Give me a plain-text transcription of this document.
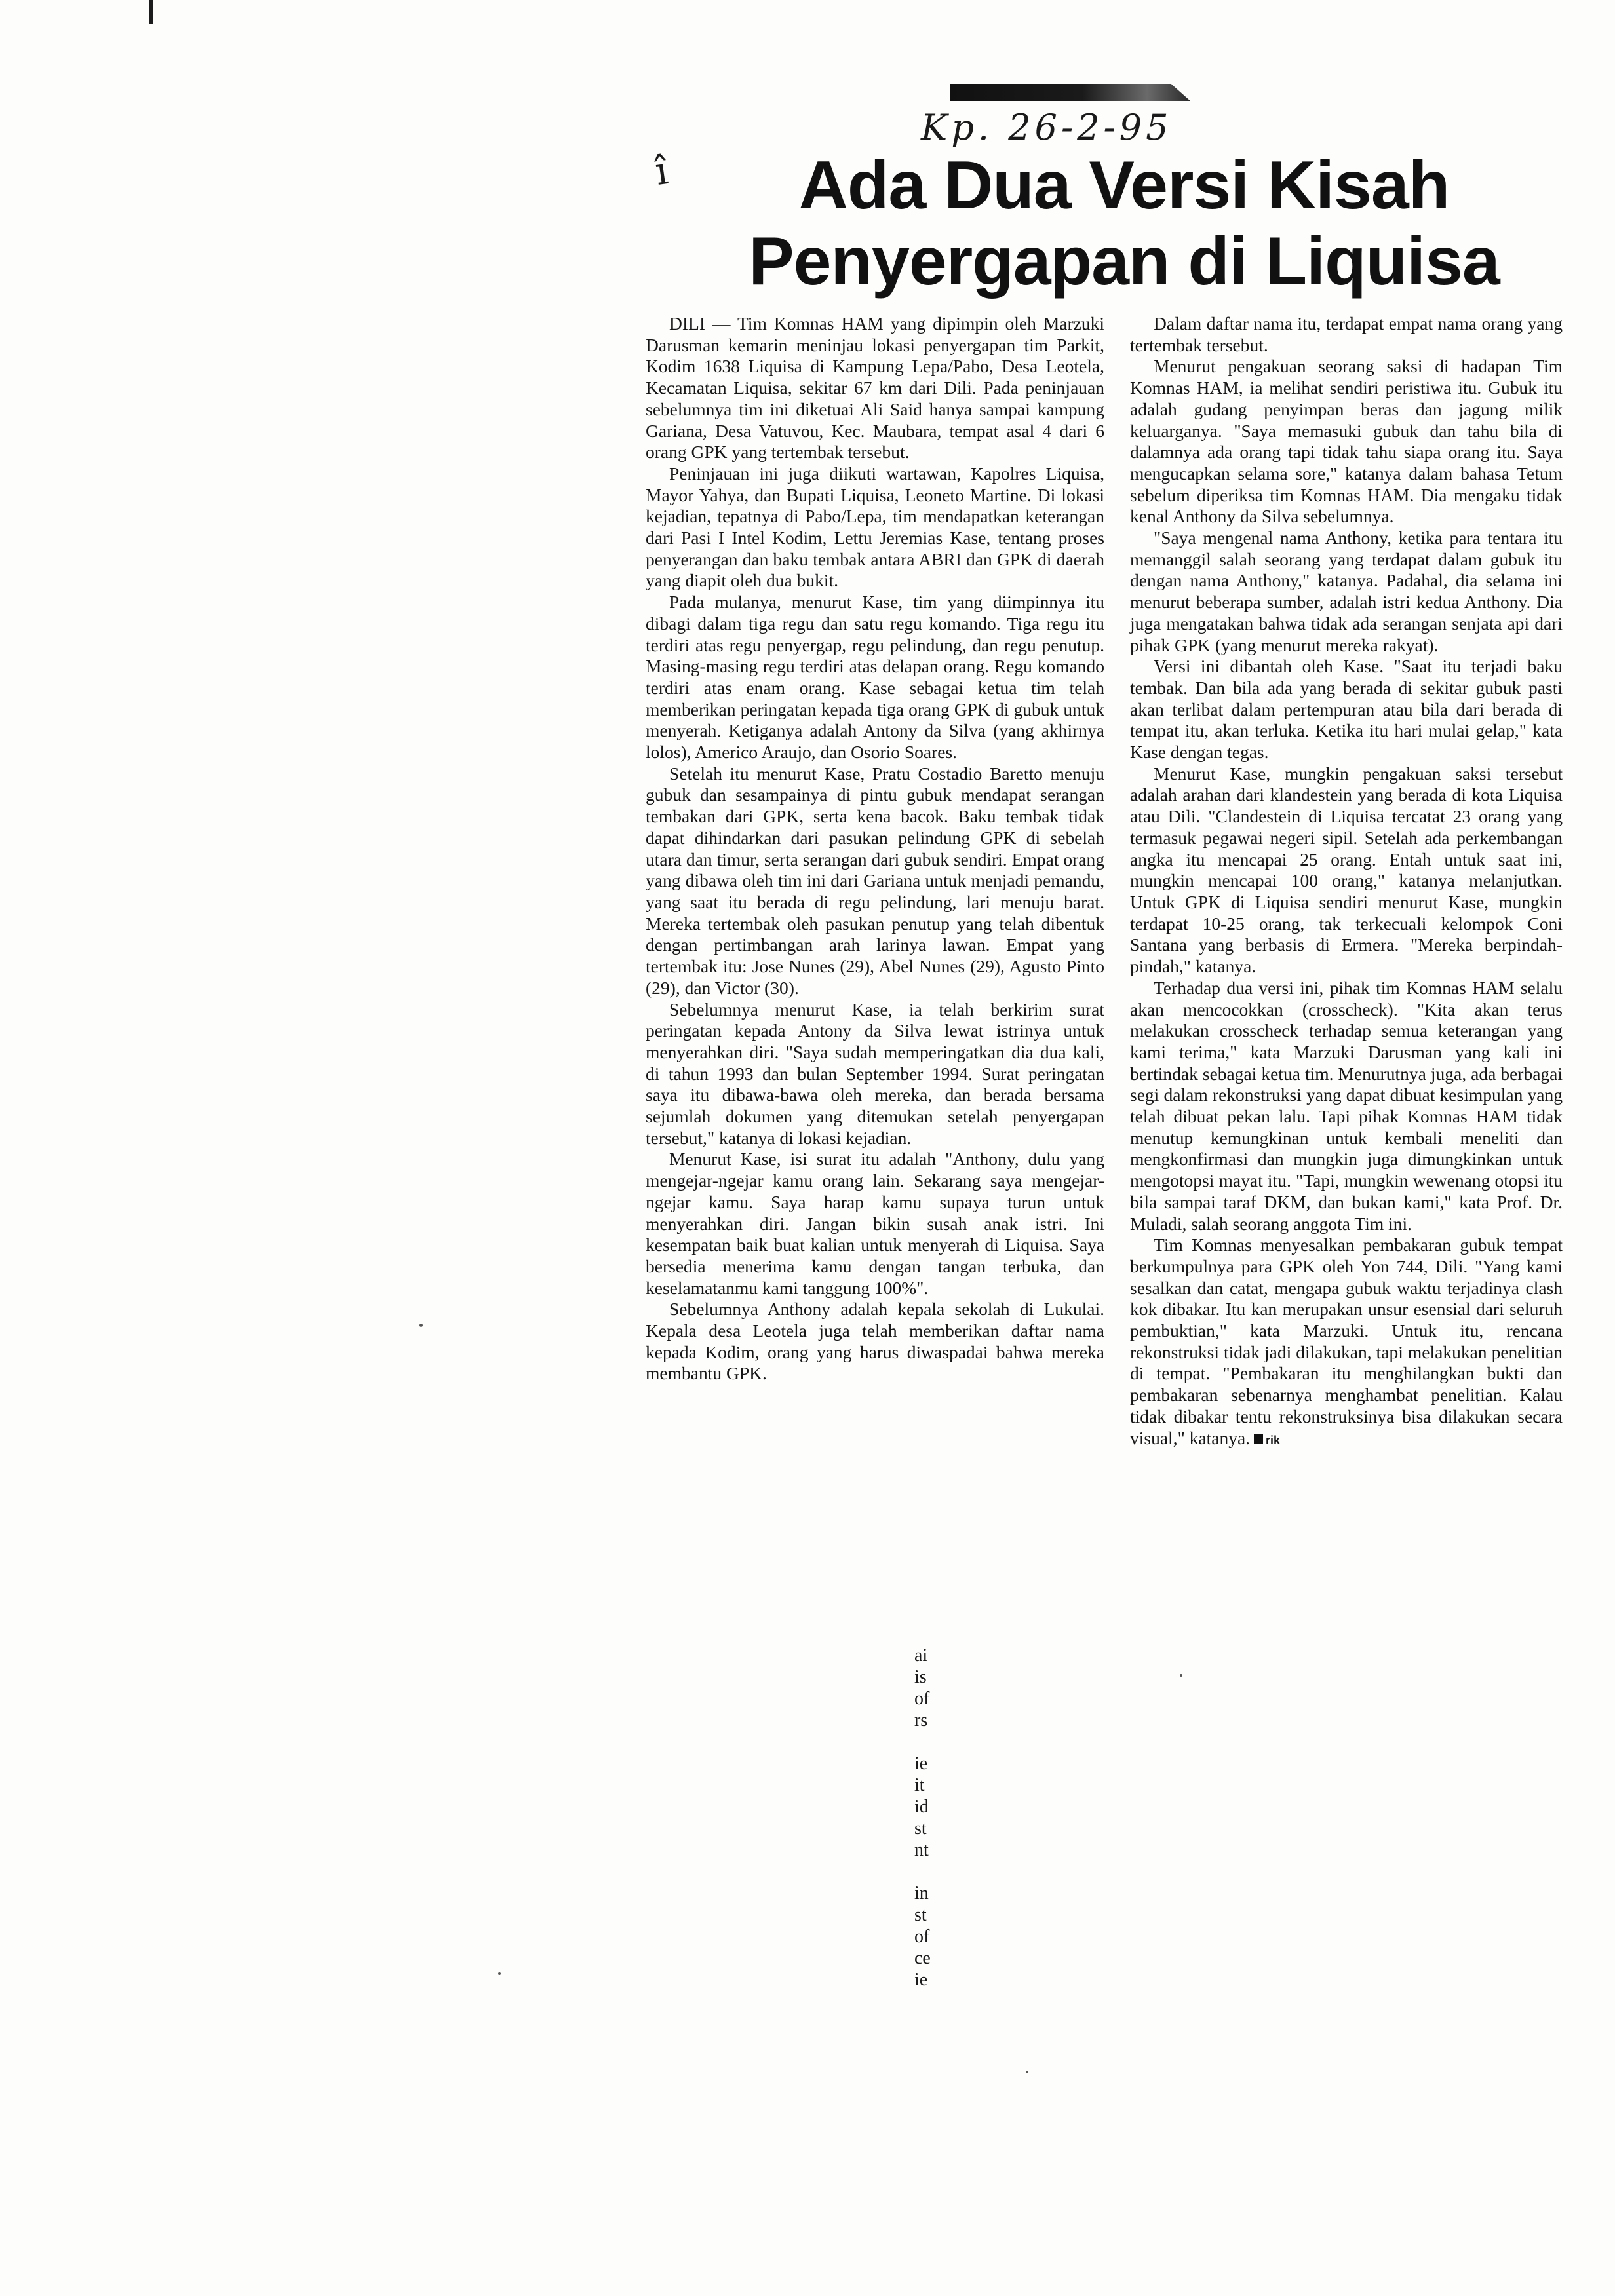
Kp. 26-2-95
ı̂	Ada Dua Versi Kisah
Penyergapan di Liquisa

DILI — Tim Komnas HAM yang dipimpin oleh Marzuki Darusman kemarin meninjau lokasi penyergapan tim Parkit, Kodim 1638 Liquisa di Kampung Lepa/Pabo, Desa Leotela, Kecamatan Liquisa, sekitar 67 km dari Dili. Pada peninjauan sebelumnya tim ini diketuai Ali Said hanya sampai kampung Gariana, Desa Vatuvou, Kec. Maubara, tempat asal 4 dari 6 orang GPK yang tertembak tersebut.

Peninjauan ini juga diikuti wartawan, Kapolres Liquisa, Mayor Yahya, dan Bupati Liquisa, Leoneto Martine. Di lokasi kejadian, tepatnya di Pabo/Lepa, tim mendapatkan keterangan dari Pasi I Intel Kodim, Lettu Jeremias Kase, tentang proses penyerangan dan baku tembak antara ABRI dan GPK di daerah yang diapit oleh dua bukit.

Pada mulanya, menurut Kase, tim yang diimpinnya itu dibagi dalam tiga regu dan satu regu komando. Tiga regu itu terdiri atas regu penyergap, regu pelindung, dan regu penutup. Masing-masing regu terdiri atas delapan orang. Regu komando terdiri atas enam orang. Kase sebagai ketua tim telah memberikan peringatan kepada tiga orang GPK di gubuk untuk menyerah. Ketiganya adalah Antony da Silva (yang akhirnya lolos), Americo Araujo, dan Osorio Soares.

Setelah itu menurut Kase, Pratu Costadio Baretto menuju gubuk dan sesampainya di pintu gubuk mendapat serangan tembakan dari GPK, serta kena bacok. Baku tembak tidak dapat dihindarkan dari pasukan pelindung GPK di sebelah utara dan timur, serta serangan dari gubuk sendiri. Empat orang yang dibawa oleh tim ini dari Gariana untuk menjadi pemandu, yang saat itu berada di regu pelindung, lari menuju barat. Mereka tertembak oleh pasukan penutup yang telah dibentuk dengan pertimbangan arah larinya lawan. Empat yang tertembak itu: Jose Nunes (29), Abel Nunes (29), Agusto Pinto (29), dan Victor (30).

Sebelumnya menurut Kase, ia telah berkirim surat peringatan kepada Antony da Silva lewat istrinya untuk menyerahkan diri. "Saya sudah memperingatkan dia dua kali, di tahun 1993 dan bulan September 1994. Surat peringatan saya itu dibawa-bawa oleh mereka, dan berada bersama sejumlah dokumen yang ditemukan setelah penyergapan tersebut," katanya di lokasi kejadian.

Menurut Kase, isi surat itu adalah "Anthony, dulu yang mengejar-ngejar kamu orang lain. Sekarang saya mengejar-ngejar kamu. Saya harap kamu supaya turun untuk menyerahkan diri. Jangan bikin susah anak istri. Ini kesempatan baik buat kalian untuk menyerah di Liquisa. Saya bersedia menerima kamu dengan tangan terbuka, dan keselamatanmu kami tanggung 100%".

Sebelumnya Anthony adalah kepala sekolah di Lukulai. Kepala desa Leotela juga telah memberikan daftar nama kepada Kodim, orang yang harus diwaspadai bahwa mereka membantu GPK.

Dalam daftar nama itu, terdapat empat nama orang yang tertembak tersebut.

Menurut pengakuan seorang saksi di hadapan Tim Komnas HAM, ia melihat sendiri peristiwa itu. Gubuk itu adalah gudang penyimpan beras dan jagung milik keluarganya. "Saya memasuki gubuk dan tahu bila di dalamnya ada orang tapi tidak tahu siapa orang itu. Saya mengucapkan selama sore," katanya dalam bahasa Tetum sebelum diperiksa tim Komnas HAM. Dia mengaku tidak kenal Anthony da Silva sebelumnya.

"Saya mengenal nama Anthony, ketika para tentara itu memanggil salah seorang yang terdapat dalam gubuk itu dengan nama Anthony," katanya. Padahal, dia selama ini menurut beberapa sumber, adalah istri kedua Anthony. Dia juga mengatakan bahwa tidak ada serangan senjata api dari pihak GPK (yang menurut mereka rakyat).

Versi ini dibantah oleh Kase. "Saat itu terjadi baku tembak. Dan bila ada yang berada di sekitar gubuk pasti akan terlibat dalam pertempuran atau bila dari berada di tempat itu, akan terluka. Ketika itu hari mulai gelap," kata Kase dengan tegas.

Menurut Kase, mungkin pengakuan saksi tersebut adalah arahan dari klandestein yang berada di kota Liquisa atau Dili. "Clandestein di Liquisa tercatat 23 orang yang termasuk pegawai negeri sipil. Setelah ada perkembangan angka itu mencapai 25 orang. Entah untuk saat ini, mungkin mencapai 100 orang," katanya melanjutkan. Untuk GPK di Liquisa sendiri menurut Kase, mungkin terdapat 10-25 orang, tak terkecuali kelompok Coni Santana yang berbasis di Ermera. "Mereka berpindah-pindah," katanya.

Terhadap dua versi ini, pihak tim Komnas HAM selalu akan mencocokkan (crosscheck). "Kita akan terus melakukan crosscheck terhadap semua keterangan yang kami terima," kata Marzuki Darusman yang kali ini bertindak sebagai ketua tim. Menurutnya juga, ada berbagai segi dalam rekonstruksi yang dapat dibuat kesimpulan yang telah dibuat pekan lalu. Tapi pihak Komnas HAM tidak menutup kemungkinan untuk kembali meneliti dan mengkonfirmasi dan mungkin juga dimungkinkan untuk mengotopsi mayat itu. "Tapi, mungkin wewenang otopsi itu bila sampai taraf DKM, dan bukan kami," kata Prof. Dr. Muladi, salah seorang anggota Tim ini.

Tim Komnas menyesalkan pembakaran gubuk tempat berkumpulnya para GPK oleh Yon 744, Dili. "Yang kami sesalkan dan catat, mengapa gubuk waktu terjadinya clash kok dibakar. Itu kan merupakan unsur esensial dari seluruh pembuktian," kata Marzuki. Untuk itu, rencana rekonstruksi tidak jadi dilakukan, tapi melakukan penelitian di tempat. "Pembakaran itu menghilangkan bukti dan pembakaran sebenarnya menghambat penelitian. Kalau tidak dibakar tentu rekonstruksinya bisa dilakukan secara visual," katanya. rik

ai
is
of
rs
ie
it
id
st
nt
in
st
of
ce
ie
